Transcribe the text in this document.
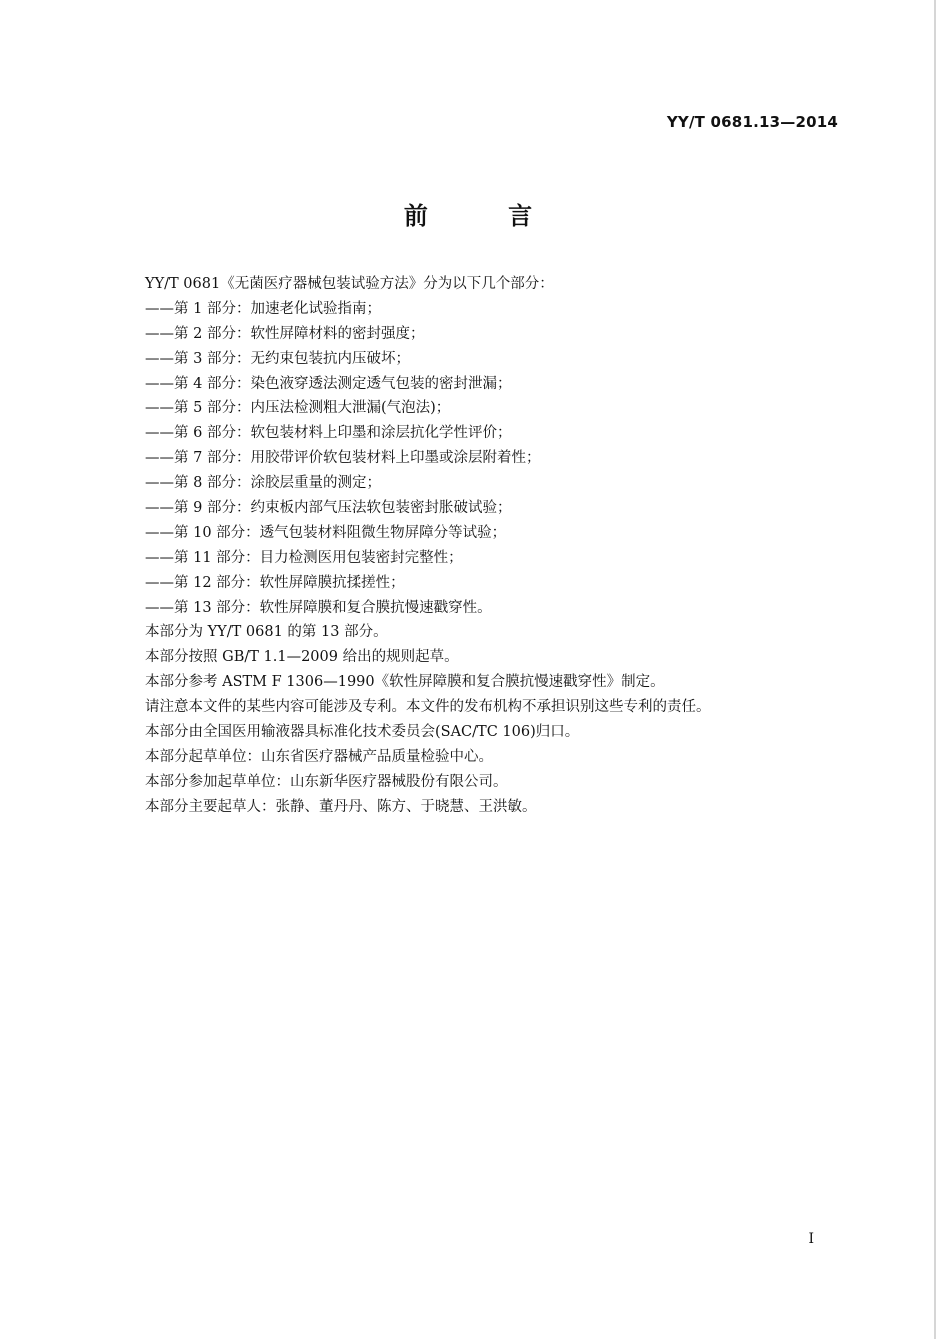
YY/T 0681.13—2014
前 言
YY/T 0681《无菌医疗器械包装试验方法》分为以下几个部分：
——第 1 部分：加速老化试验指南；
——第 2 部分：软性屏障材料的密封强度；
——第 3 部分：无约束包装抗内压破坏；
——第 4 部分：染色液穿透法测定透气包装的密封泄漏；
——第 5 部分：内压法检测粗大泄漏(气泡法)；
——第 6 部分：软包装材料上印墨和涂层抗化学性评价；
——第 7 部分：用胶带评价软包装材料上印墨或涂层附着性；
——第 8 部分：涂胶层重量的测定；
——第 9 部分：约束板内部气压法软包装密封胀破试验；
——第 10 部分：透气包装材料阻微生物屏障分等试验；
——第 11 部分：目力检测医用包装密封完整性；
——第 12 部分：软性屏障膜抗揉搓性；
——第 13 部分：软性屏障膜和复合膜抗慢速戳穿性。
本部分为 YY/T 0681 的第 13 部分。
本部分按照 GB/T 1.1—2009 给出的规则起草。
本部分参考 ASTM F 1306—1990《软性屏障膜和复合膜抗慢速戳穿性》制定。
请注意本文件的某些内容可能涉及专利。本文件的发布机构不承担识别这些专利的责任。
本部分由全国医用输液器具标准化技术委员会(SAC/TC 106)归口。
本部分起草单位：山东省医疗器械产品质量检验中心。
本部分参加起草单位：山东新华医疗器械股份有限公司。
本部分主要起草人：张静、董丹丹、陈方、于晓慧、王洪敏。
I
